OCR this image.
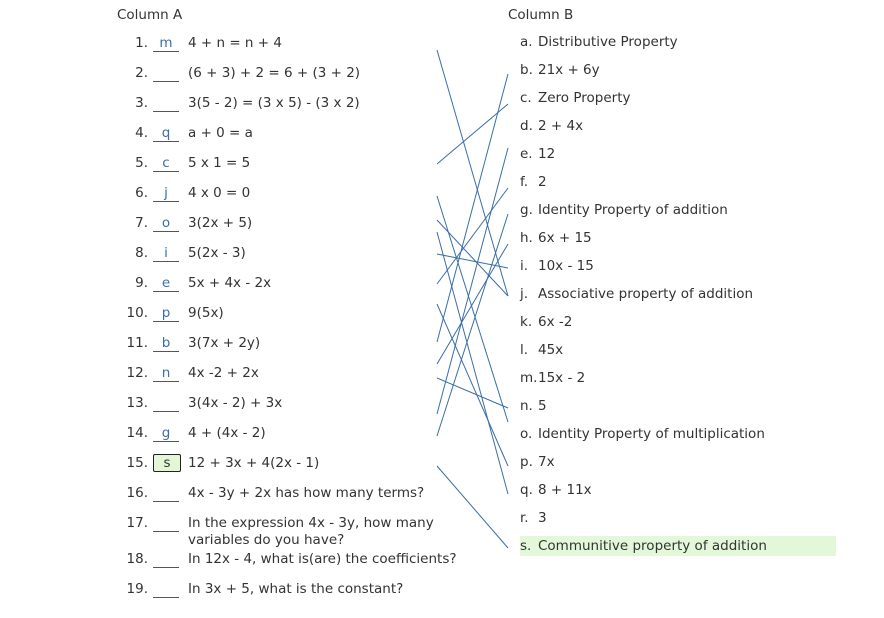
Column A	Column B
1. m	4 + n = n + 4
2.	(6 + 3) + 2 = 6 + (3 + 2)
3.	3(5 - 2) = (3 x 5) - (3 x 2)
4.	q	a + 0 = a
5.	c	5 x 1 = 5
6.	j	4 x 0 = 0
7.	o	3(2x + 5)
8.	i	5(2x - 3)
9.	e	5x + 4x - 2x
10.	p	9(5x)
11.	b	3(7x + 2y)
12.	n	4x -2 + 2x
13.	3(4x - 2) + 3x
14.	g	4 + (4x - 2)
15.	s	12 + 3x + 4(2x - 1)
16.	4x - 3y + 2x has how many terms?
17.	In the expression 4x - 3y, how many variables do you have?
18.	In 12x - 4, what is(are) the coefficients?
19.	In 3x + 5, what is the constant?
a. Distributive Property
b. 21x + 6y
c. Zero Property
d. 2 + 4x
e. 12
f. 2
g. Identity Property of addition
h. 6x + 15
i. 10x - 15
j. Associative property of addition
k. 6x -2
l. 45x
m.15x - 2
n. 5
o. Identity Property of multiplication
p. 7x
q. 8 + 11x
r. 3
s. Communitive property of addition
